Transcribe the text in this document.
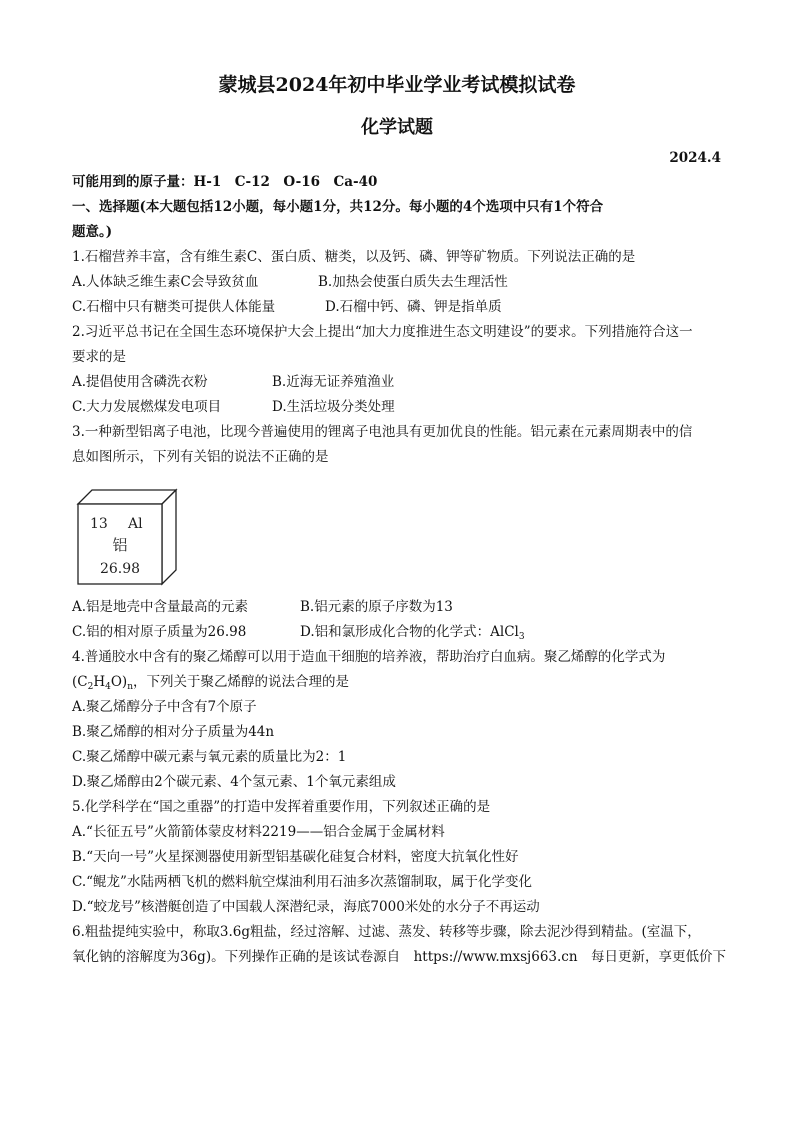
蒙城县2024年初中毕业学业考试模拟试卷
化学试题
2024.4
可能用到的原子量：H-1　C-12　O-16　Ca-40
一、选择题(本大题包括12小题，每小题1分，共12分。每小题的4个选项中只有1个符合
题意。)
1.石榴营养丰富，含有维生素C、蛋白质、糖类，以及钙、磷、钾等矿物质。下列说法正确的是
A.人体缺乏维生素C会导致贫血	B.加热会使蛋白质失去生理活性
C.石榴中只有糖类可提供人体能量	D.石榴中钙、磷、钾是指单质
2.习近平总书记在全国生态环境保护大会上提出“加大力度推进生态文明建设”的要求。下列措施符合这一
要求的是
A.提倡使用含磷洗衣粉	B.近海无证养殖渔业
C.大力发展燃煤发电项目	D.生活垃圾分类处理
3.一种新型铝离子电池，比现今普遍使用的锂离子电池具有更加优良的性能。铝元素在元素周期表中的信
息如图所示，下列有关铝的说法不正确的是
13 Al
铝
26.98
A.铝是地壳中含量最高的元素	B.铝元素的原子序数为13
C.铝的相对原子质量为26.98	D.铝和氯形成化合物的化学式：AlCl$_3$
4.普通胶水中含有的聚乙烯醇可以用于造血干细胞的培养液，帮助治疗白血病。聚乙烯醇的化学式为
$(C_2H_4O)_n$，下列关于聚乙烯醇的说法合理的是
A.聚乙烯醇分子中含有7个原子
B.聚乙烯醇的相对分子质量为44n
C.聚乙烯醇中碳元素与氧元素的质量比为2：1
D.聚乙烯醇由2个碳元素、4个氢元素、1个氧元素组成
5.化学科学在“国之重器”的打造中发挥着重要作用，下列叙述正确的是
A.“长征五号”火箭箭体蒙皮材料2219——铝合金属于金属材料
B.“天向一号”火星探测器使用新型铝基碳化硅复合材料，密度大抗氧化性好
C.“鲲龙”水陆两栖飞机的燃料航空煤油利用石油多次蒸馏制取，属于化学变化
D.“蛟龙号”核潜艇创造了中国载人深潜纪录，海底7000米处的水分子不再运动
6.粗盐提纯实验中，称取3.6g粗盐，经过溶解、过滤、蒸发、转移等步骤，除去泥沙得到精盐。(室温下，
氧化钠的溶解度为36g)。下列操作正确的是该试卷源自　https://www.mxsj663.cn　每日更新，享更低价下
